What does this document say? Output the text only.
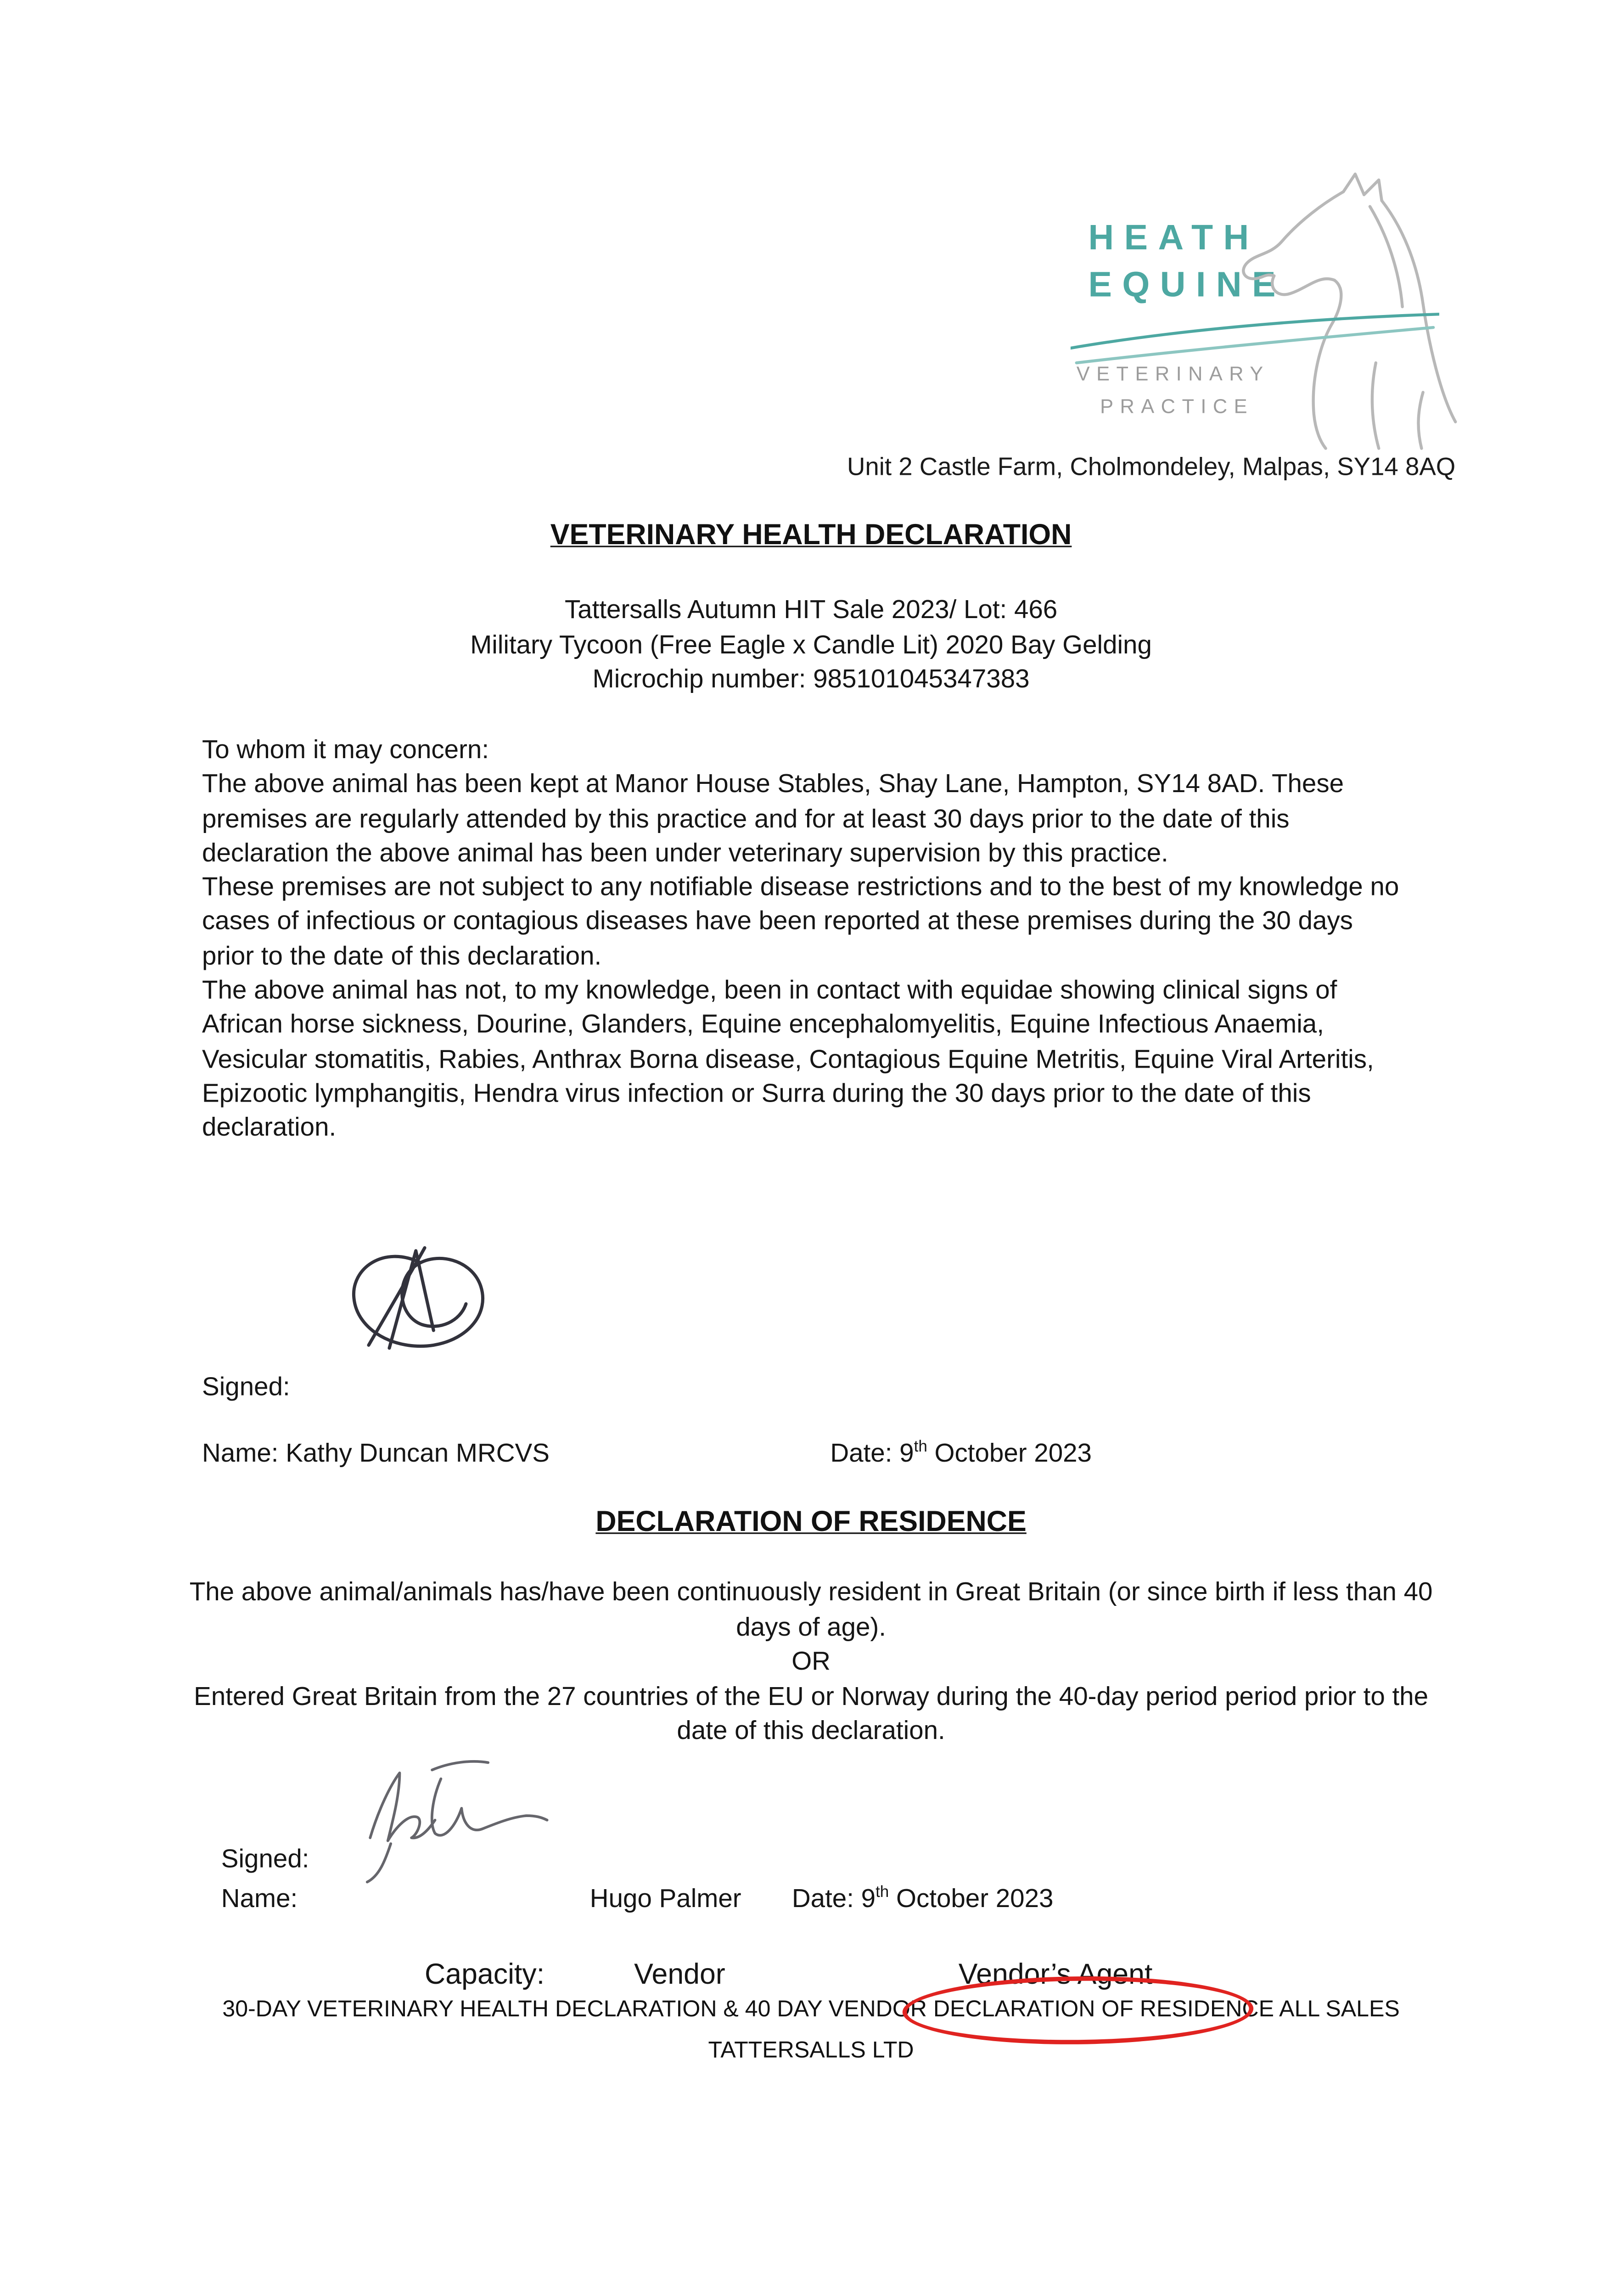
HEATH
EQUINE
VETERINARY
PRACTICE
Unit 2 Castle Farm, Cholmondeley, Malpas, SY14 8AQ
VETERINARY HEALTH DECLARATION
Tattersalls Autumn HIT Sale 2023/ Lot: 466
Military Tycoon (Free Eagle x Candle Lit) 2020 Bay Gelding
Microchip number: 985101045347383

To whom it may concern:

The above animal has been kept at Manor House Stables, Shay Lane, Hampton, SY14 8AD. These premises are regularly attended by this practice and for at least 30 days prior to the date of this declaration the above animal has been under veterinary supervision by this practice.

These premises are not subject to any notifiable disease restrictions and to the best of my knowledge no cases of infectious or contagious diseases have been reported at these premises during the 30 days prior to the date of this declaration.

The above animal has not, to my knowledge, been in contact with equidae showing clinical signs of African horse sickness, Dourine, Glanders, Equine encephalomyelitis, Equine Infectious Anaemia, Vesicular stomatitis, Rabies, Anthrax Borna disease, Contagious Equine Metritis, Equine Viral Arteritis,

Epizootic lymphangitis, Hendra virus infection or Surra during the 30 days prior to the date of this declaration.

Signed:
Name: Kathy Duncan MRCVS	Date: 9th October 2023
DECLARATION OF RESIDENCE
The above animal/animals has/have been continuously resident in Great Britain (or since birth if less than 40 days of age).
OR
Entered Great Britain from the 27 countries of the EU or Norway during the 40-day period period prior to the date of this declaration.
Signed:
Name:	Hugo Palmer	Date: 9th October 2023
Capacity:	Vendor	Vendor’s Agent
30-DAY VETERINARY HEALTH DECLARATION & 40 DAY VENDOR DECLARATION OF RESIDENCE ALL SALES
TATTERSALLS LTD
